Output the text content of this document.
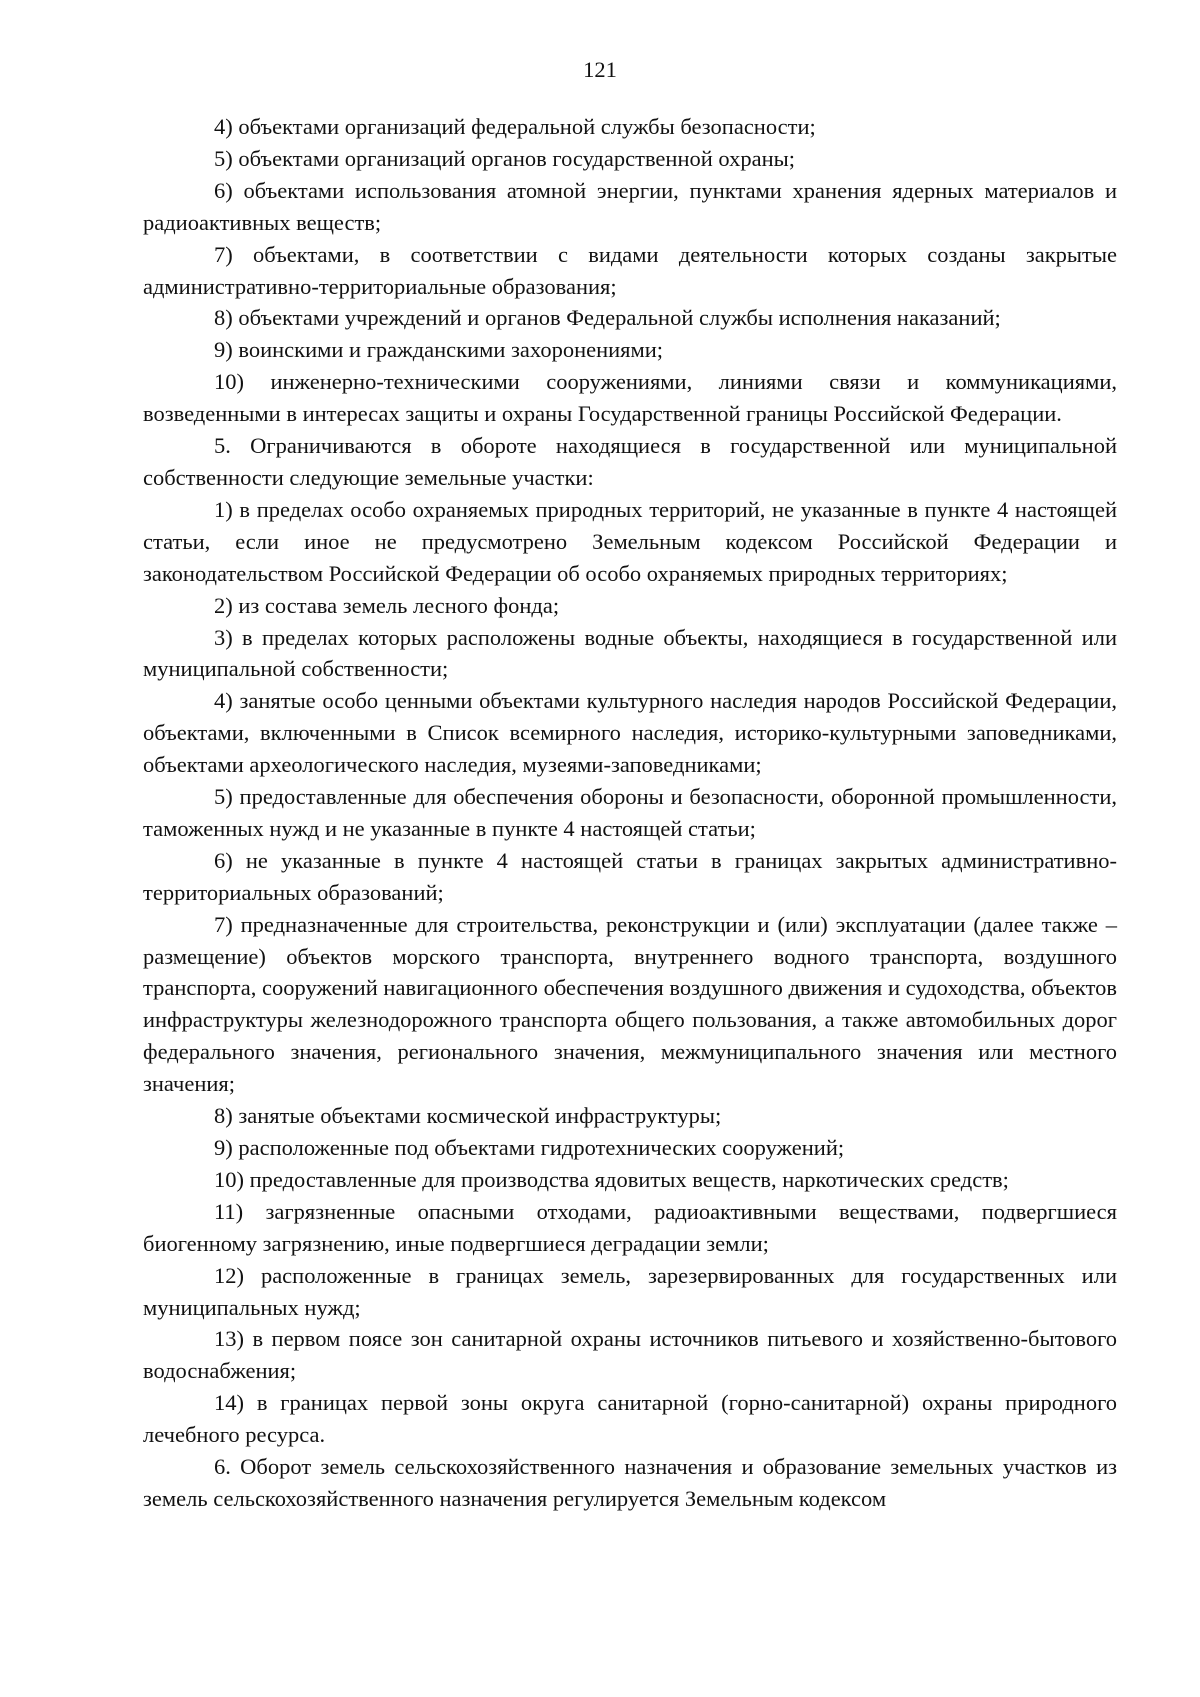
121

4) объектами организаций федеральной службы безопасности;

5) объектами организаций органов государственной охраны;

6) объектами использования атомной энергии, пунктами хранения ядерных материалов и радиоактивных веществ;

7) объектами, в соответствии с видами деятельности которых созданы закрытые административно-территориальные образования;

8) объектами учреждений и органов Федеральной службы исполнения наказаний;

9) воинскими и гражданскими захоронениями;

10) инженерно-техническими сооружениями, линиями связи и коммуникациями, возведенными в интересах защиты и охраны Государственной границы Российской Федерации.

5. Ограничиваются в обороте находящиеся в государственной или муниципальной собственности следующие земельные участки:

1) в пределах особо охраняемых природных территорий, не указанные в пункте 4 настоящей статьи, если иное не предусмотрено Земельным кодексом Российской Федерации и законодательством Российской Федерации об особо охраняемых природных территориях;

2) из состава земель лесного фонда;

3) в пределах которых расположены водные объекты, находящиеся в государственной или муниципальной собственности;

4) занятые особо ценными объектами культурного наследия народов Российской Федерации, объектами, включенными в Список всемирного наследия, историко-культурными заповедниками, объектами археологического наследия, музеями-заповедниками;

5) предоставленные для обеспечения обороны и безопасности, оборонной промышленности, таможенных нужд и не указанные в пункте 4 настоящей статьи;

6) не указанные в пункте 4 настоящей статьи в границах закрытых административно-территориальных образований;

7) предназначенные для строительства, реконструкции и (или) эксплуатации (далее также – размещение) объектов морского транспорта, внутреннего водного транспорта, воздушного транспорта, сооружений навигационного обеспечения воздушного движения и судоходства, объектов инфраструктуры железнодорожного транспорта общего пользования, а также автомобильных дорог федерального значения, регионального значения, межмуниципального значения или местного значения;

8) занятые объектами космической инфраструктуры;

9) расположенные под объектами гидротехнических сооружений;

10) предоставленные для производства ядовитых веществ, наркотических средств;

11) загрязненные опасными отходами, радиоактивными веществами, подвергшиеся биогенному загрязнению, иные подвергшиеся деградации земли;

12) расположенные в границах земель, зарезервированных для государственных или муниципальных нужд;

13) в первом поясе зон санитарной охраны источников питьевого и хозяйственно-бытового водоснабжения;

14) в границах первой зоны округа санитарной (горно-санитарной) охраны природного лечебного ресурса.

6. Оборот земель сельскохозяйственного назначения и образование земельных участков из земель сельскохозяйственного назначения регулируется Земельным кодексом
